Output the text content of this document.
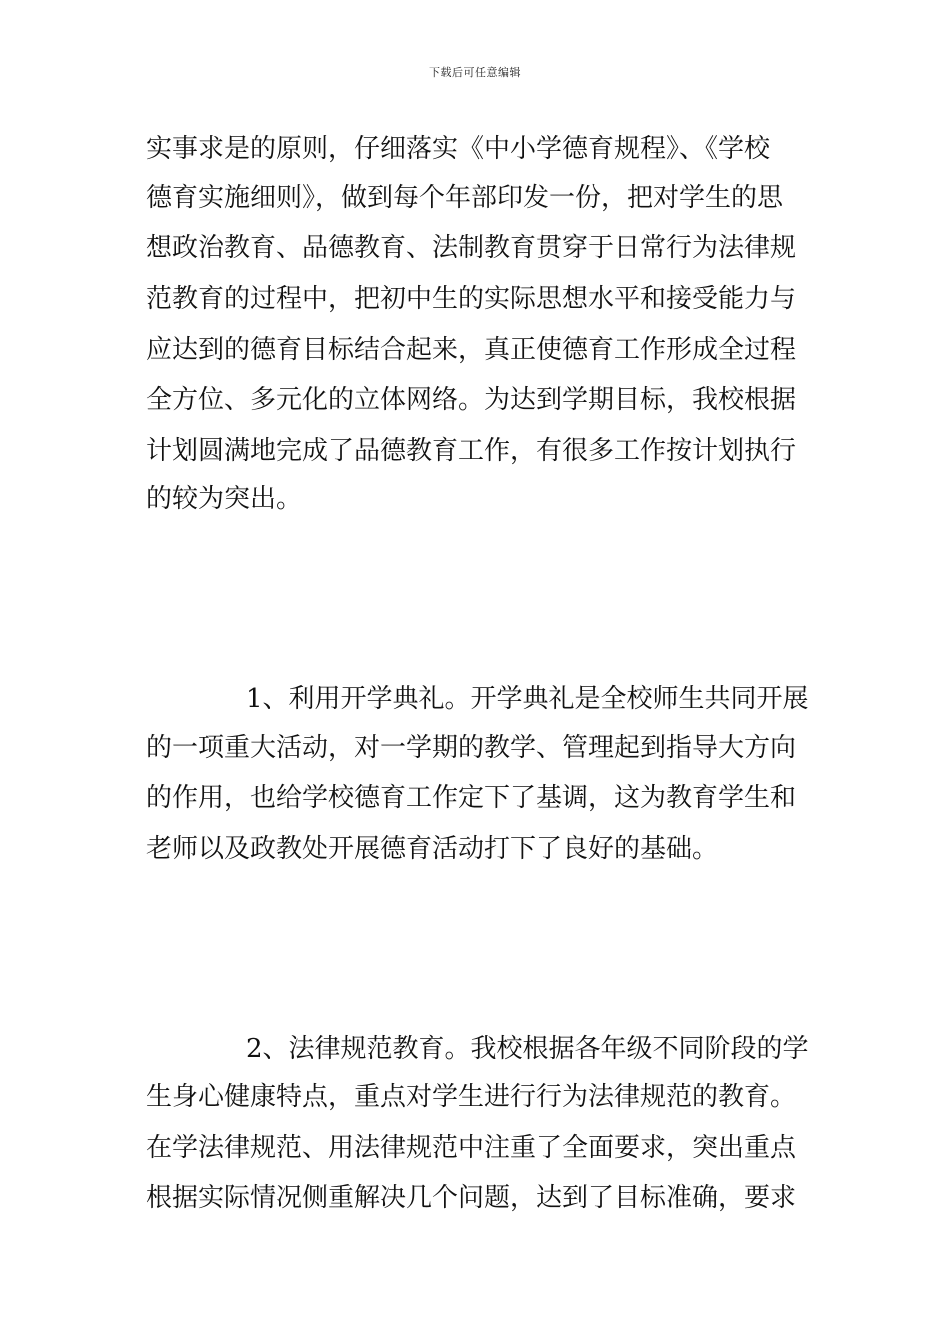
下载后可任意编辑
实事求是的原则，仔细落实《中小学德育规程》、《学校
德育实施细则》，做到每个年部印发一份，把对学生的思
想政治教育、品德教育、法制教育贯穿于日常行为法律规
范教育的过程中，把初中生的实际思想水平和接受能力与
应达到的德育目标结合起来，真正使德育工作形成全过程
全方位、多元化的立体网络。为达到学期目标，我校根据
计划圆满地完成了品德教育工作，有很多工作按计划执行
的较为突出。
1、利用开学典礼。开学典礼是全校师生共同开展
的一项重大活动，对一学期的教学、管理起到指导大方向
的作用，也给学校德育工作定下了基调，这为教育学生和
老师以及政教处开展德育活动打下了良好的基础。
2、法律规范教育。我校根据各年级不同阶段的学
生身心健康特点，重点对学生进行行为法律规范的教育。
在学法律规范、用法律规范中注重了全面要求，突出重点
根据实际情况侧重解决几个问题，达到了目标准确，要求
